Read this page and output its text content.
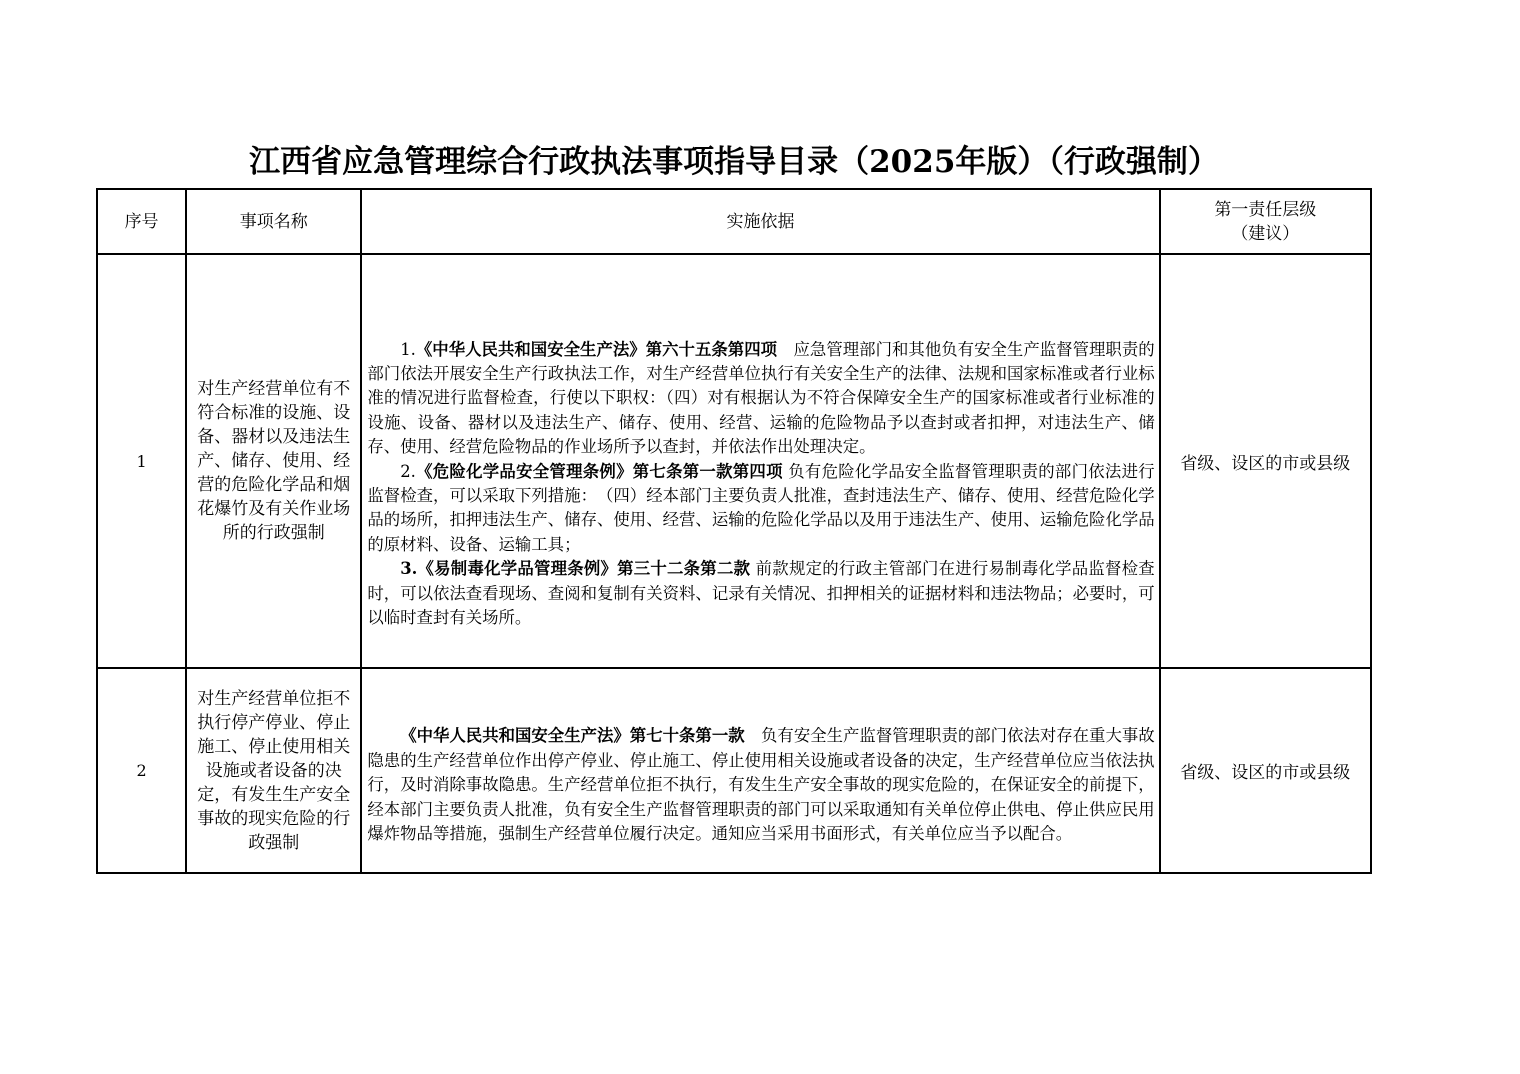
江西省应急管理综合行政执法事项指导目录（2025年版）（行政强制）
序号	事项名称	实施依据	第一责任层级
（建议）

1	对生产经营单位有不符合标准的设施、设备、器材以及违法生产、储存、使用、经营的危险化学品和烟花爆竹及有关作业场所的行政强制	1.《中华人民共和国安全生产法》第六十五条第四项　应急管理部门和其他负有安全生产监督管理职责的部门依法开展安全生产行政执法工作，对生产经营单位执行有关安全生产的法律、法规和国家标准或者行业标准的情况进行监督检查，行使以下职权：（四）对有根据认为不符合保障安全生产的国家标准或者行业标准的设施、设备、器材以及违法生产、储存、使用、经营、运输的危险物品予以查封或者扣押，对违法生产、储存、使用、经营危险物品的作业场所予以查封，并依法作出处理决定。

2.《危险化学品安全管理条例》第七条第一款第四项 负有危险化学品安全监督管理职责的部门依法进行监督检查，可以采取下列措施：　（四）经本部门主要负责人批准，查封违法生产、储存、使用、经营危险化学品的场所，扣押违法生产、储存、使用、经营、运输的危险化学品以及用于违法生产、使用、运输危险化学品的原材料、设备、运输工具；

3.《易制毒化学品管理条例》第三十二条第二款 前款规定的行政主管部门在进行易制毒化学品监督检查时，可以依法查看现场、查阅和复制有关资料、记录有关情况、扣押相关的证据材料和违法物品；必要时，可以临时查封有关场所。	省级、设区的市或县级
2	对生产经营单位拒不执行停产停业、停止施工、停止使用相关设施或者设备的决定，有发生生产安全事故的现实危险的行政强制	《中华人民共和国安全生产法》第七十条第一款　负有安全生产监督管理职责的部门依法对存在重大事故隐患的生产经营单位作出停产停业、停止施工、停止使用相关设施或者设备的决定，生产经营单位应当依法执行，及时消除事故隐患。生产经营单位拒不执行，有发生生产安全事故的现实危险的，在保证安全的前提下，经本部门主要负责人批准，负有安全生产监督管理职责的部门可以采取通知有关单位停止供电、停止供应民用爆炸物品等措施，强制生产经营单位履行决定。通知应当采用书面形式，有关单位应当予以配合。	省级、设区的市或县级
